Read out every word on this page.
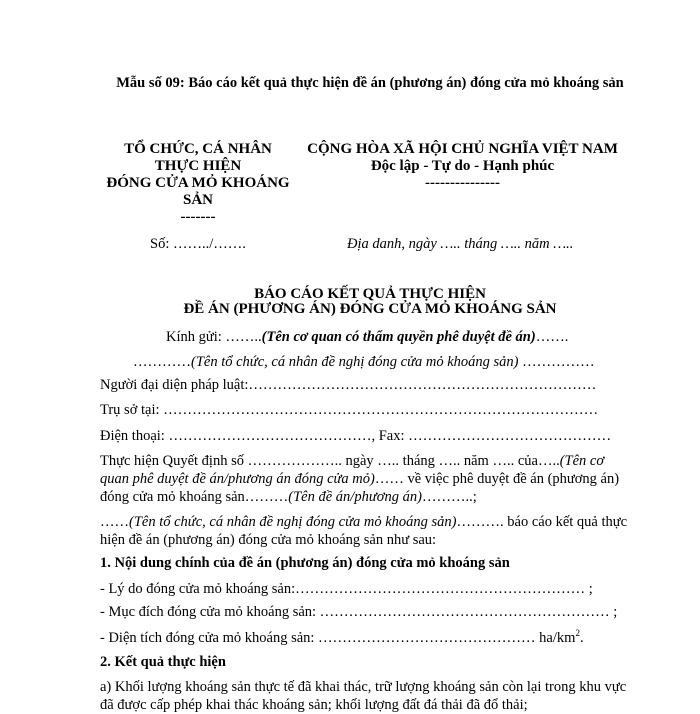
Mẫu số 09: Báo cáo kết quả thực hiện đề án (phương án) đóng cửa mỏ khoáng sản
TỔ CHỨC, CÁ NHÂN
THỰC HIỆN
ĐÓNG CỬA MỎ KHOÁNG
SẢN
-------
CỘNG HÒA XÃ HỘI CHỦ NGHĨA VIỆT NAM
Độc lập - Tự do - Hạnh phúc
---------------
Số: ……../…….	Địa danh, ngày ….. tháng ….. năm …..
BÁO CÁO KẾT QUẢ THỰC HIỆN
ĐỀ ÁN (PHƯƠNG ÁN) ĐÓNG CỬA MỎ KHOÁNG SẢN
Kính gửi: ……..(Tên cơ quan có thẩm quyền phê duyệt đề án)…….
…………(Tên tổ chức, cá nhân đề nghị đóng cửa mỏ khoáng sản) ……………
Người đại diện pháp luật:………………………………………………………………
Trụ sở tại: ………………………………………………………………………………
Điện thoại: ……………………………………, Fax: ……………………………………
Thực hiện Quyết định số ……………….. ngày ….. tháng ….. năm ….. của…..(Tên cơ quan phê duyệt đề án/phương án đóng cửa mỏ)…… về việc phê duyệt đề án (phương án) đóng cửa mỏ khoáng sản………(Tên đề án/phương án)………..;
……(Tên tổ chức, cá nhân đề nghị đóng cửa mỏ khoáng sản)………. báo cáo kết quả thực hiện đề án (phương án) đóng cửa mỏ khoáng sản như sau:
1. Nội dung chính của đề án (phương án) đóng cửa mỏ khoáng sản
- Lý do đóng cửa mỏ khoáng sản:…………………………………………………… ;
- Mục đích đóng cửa mỏ khoáng sản: …………………………………………………… ;
- Diện tích đóng cửa mỏ khoáng sản: ……………………………………… $ha/km^2$.
2. Kết quả thực hiện
a) Khối lượng khoáng sản thực tế đã khai thác, trữ lượng khoáng sản còn lại trong khu vực đã được cấp phép khai thác khoáng sản; khối lượng đất đá thải đã đổ thải;
